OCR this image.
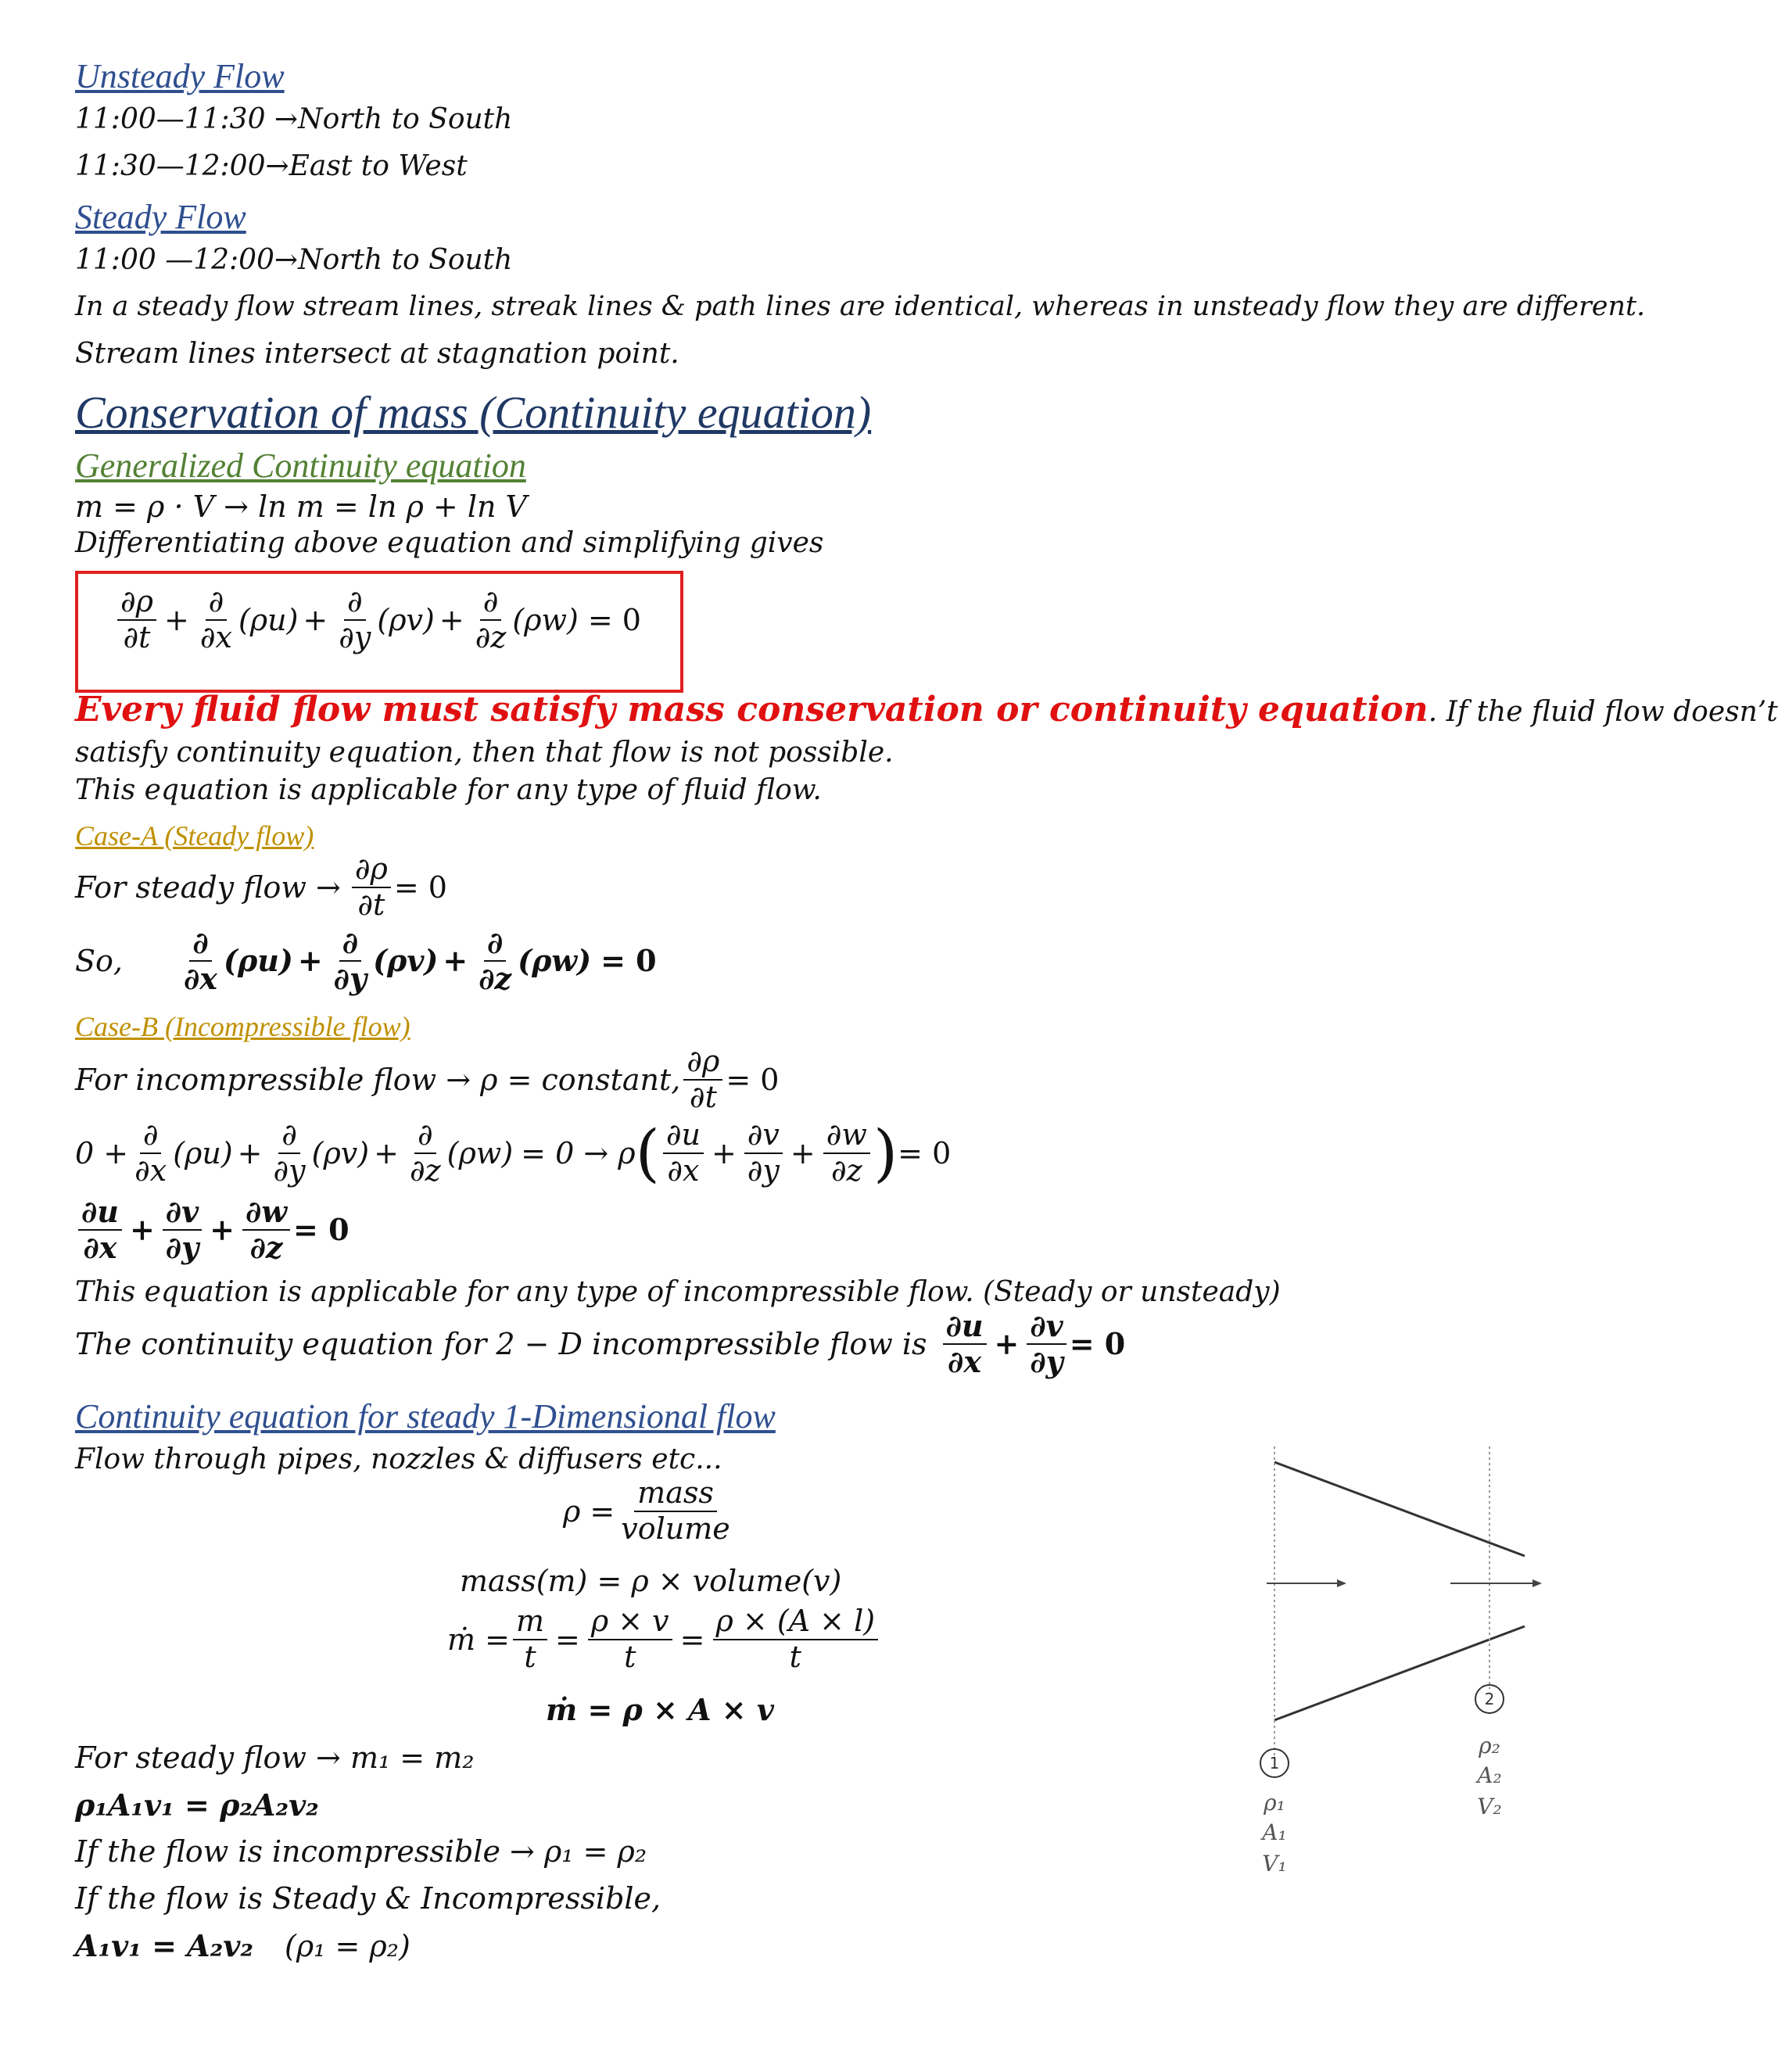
Unsteady Flow
11:00—11:30 →North to South
11:30—12:00→East to West
Steady Flow
11:00 —12:00→North to South
In a steady flow stream lines, streak lines & path lines are identical, whereas in unsteady flow they are different.
Stream lines intersect at stagnation point.
Conservation of mass (Continuity equation)
Generalized Continuity equation
m = ρ · V → ln m = ln ρ + ln V
Differentiating above equation and simplifying gives
$\frac{\partial\rho}{\partial t} + \frac{\partial}{\partial x} (\rho u) + \frac{\partial}{\partial y} (\rho v) + \frac{\partial}{\partial z} (\rho w) = 0$
Every fluid flow must satisfy mass conservation or continuity equation. If the fluid flow doesn’t
satisfy continuity equation, then that flow is not possible.
This equation is applicable for any type of fluid flow.
Case-A (Steady flow)
For steady flow → $\frac{\partial\rho}{\partial t} = 0$
So, $\frac{\partial}{\partial x} (\rho u) + \frac{\partial}{\partial y} (\rho v) + \frac{\partial}{\partial z} (\rho w) = 0$
Case-B (Incompressible flow)
For incompressible flow → ρ = constant, $\frac{\partial\rho}{\partial t} = 0$
$0 + \frac{\partial}{\partial x} (\rho u) + \frac{\partial}{\partial y} (\rho v) + \frac{\partial}{\partial z} (\rho w) = 0 \to \rho$ ( $\frac{\partial u}{\partial x} + \frac{\partial v}{\partial y} + \frac{\partial w}{\partial z}$ ) = 0
$\frac{\partial u}{\partial x} + \frac{\partial v}{\partial y} + \frac{\partial w}{\partial z} = 0$
This equation is applicable for any type of incompressible flow. (Steady or unsteady)
The continuity equation for 2 − D incompressible flow is $\frac{\partial u}{\partial x} + \frac{\partial v}{\partial y} = 0$
Continuity equation for steady 1-Dimensional flow
Flow through pipes, nozzles & diffusers etc...
$\rho = \frac{\text{mass}}{\text{volume}}$
mass(m) = ρ × volume(v)
ṁ = $\frac{m}{t} = \frac{\rho \times v}{t} = \frac{\rho \times (A \times l)}{t}$
ṁ = ρ × A × v
For steady flow → m₁ = m₂
ρ₁A₁v₁ = ρ₂A₂v₂
If the flow is incompressible → ρ₁ = ρ₂
If the flow is Steady & Incompressible,
A₁v₁ = A₂v₂ (ρ₁ = ρ₂)
1
2
ρ₁
A₁
V₁
ρ₂
A₂
V₂
